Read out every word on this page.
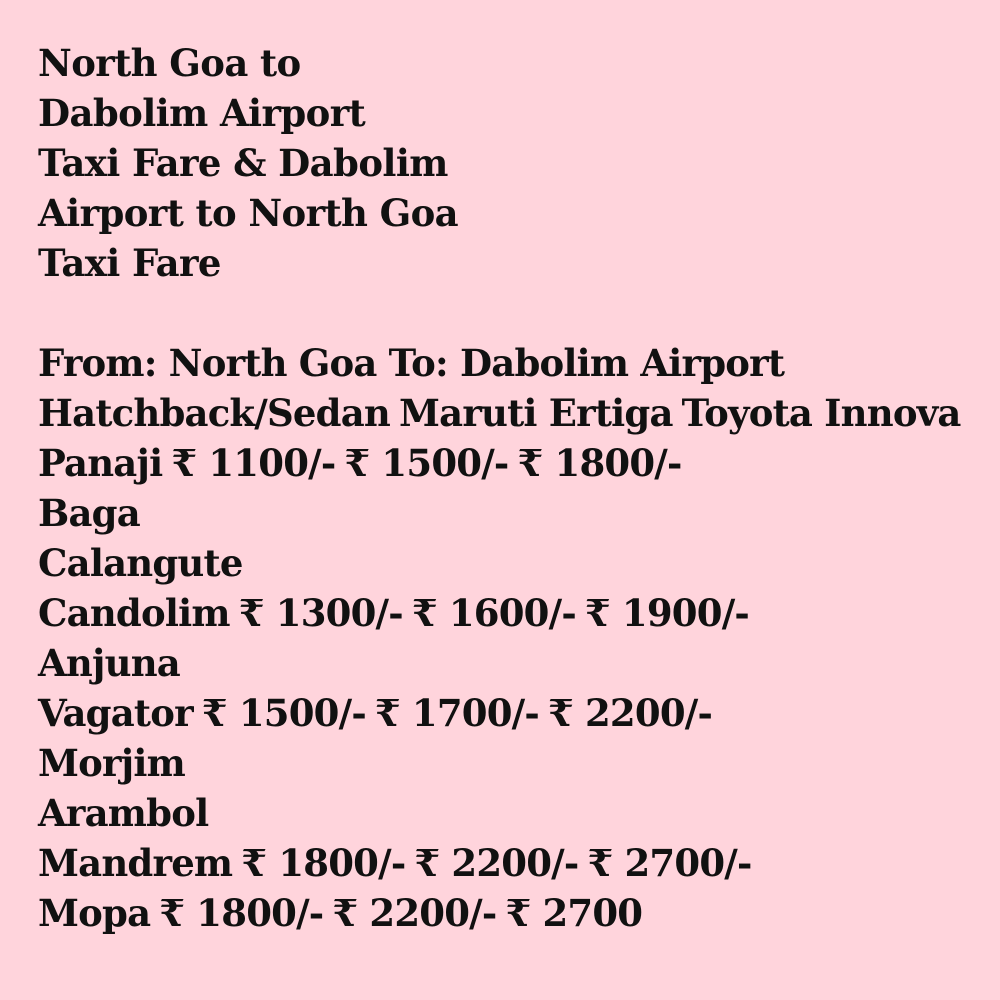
North Goa to
Dabolim Airport
Taxi Fare & Dabolim
Airport to North Goa
Taxi Fare
From: North Goa To: Dabolim Airport
Hatchback/Sedan Maruti Ertiga Toyota Innova
Panaji ₹ 1100/- ₹ 1500/- ₹ 1800/-
Baga
Calangute
Candolim ₹ 1300/- ₹ 1600/- ₹ 1900/-
Anjuna
Vagator ₹ 1500/- ₹ 1700/- ₹ 2200/-
Morjim
Arambol
Mandrem ₹ 1800/- ₹ 2200/- ₹ 2700/-
Mopa ₹ 1800/- ₹ 2200/- ₹ 2700
